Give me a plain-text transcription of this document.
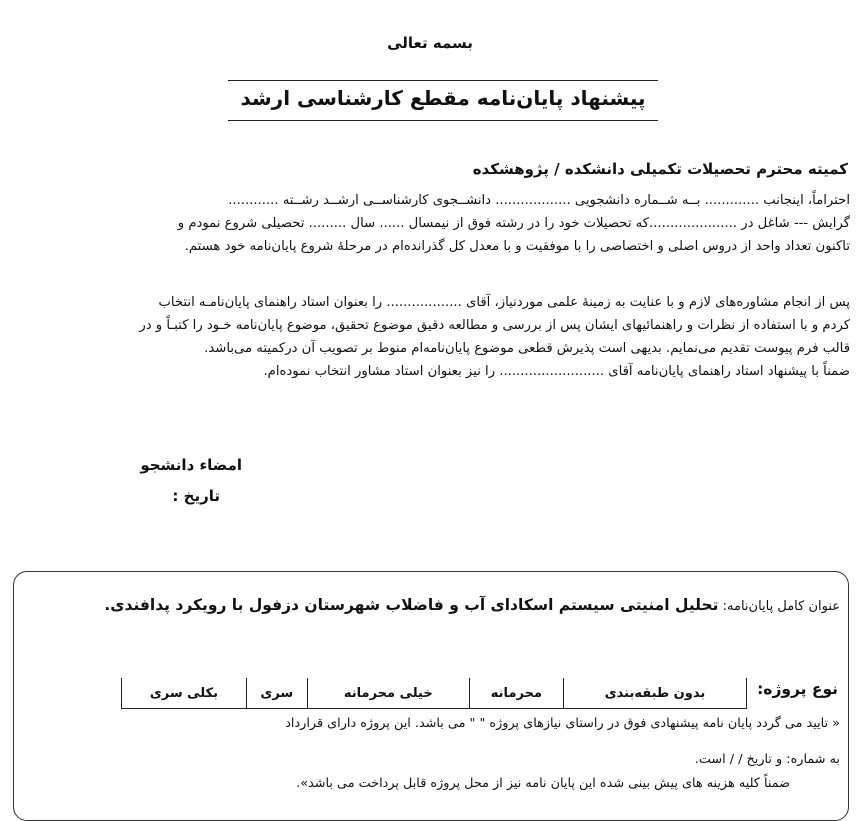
بسمه تعالی
پیشنهاد پایان‌نامه مقطع کارشناسی ارشد
کمیته محترم تحصیلات تکمیلی دانشکده / پژوهشکده
احتراماً، اینجانب ............. بــه شــماره دانشجویی .................. دانشــجوی کارشناســی ارشــد رشــته ............
گرایش --- شاغل در .....................كه تحصیلات خود را در رشته فوق از نیمسال ...... سال ......... تحصیلی شروع نمودم و
تاکنون تعداد واحد از دروس اصلی و اختصاصی را با موفقیت و با معدل كل گذرانده‌ام در مرحلهٔ شروع پایان‌نامه خود هستم.
پس از انجام مشاوره‌های لازم و با عنایت به زمینهٔ علمی موردنیاز، آقای .................. را بعنوان استاد راهنمای پایان‌نامـه انتخاب
كردم و با استفاده از نظرات و راهنمائیهای ایشان پس از بررسی و مطالعه دقیق موضوع تحقیق، موضوع پایان‌نامه خـود را كتبـاً و در
قالب فرم پیوست تقدیم می‌نمایم. بدیهی است پذیرش قطعی موضوع پایان‌نامه‌ام منوط بر تصویب آن دركمیته می‌باشد.
ضمناً با پیشنهاد استاد راهنمای پایان‌نامه آقای ......................... را نیز بعنوان استاد مشاور انتخاب نموده‌ام.
امضاء دانشجو
تاریخ :
عنوان كامل پایان‌نامه: تحلیل امنیتی سیستم اسکادای آب و فاضلاب شهرستان دزفول با رویکرد پدافندی.
نوع پروژه:
بدون طبقه‌بندی	محرمانه	خیلی محرمانه	سری	بكلی سری
« تایید می گردد پایان نامه پیشنهادی فوق در راستای نیازهای پروژه " " می باشد. این پروژه دارای قرارداد
به شماره: و تاریخ / / است.
ضمناً کلیه هزینه های پیش بینی شده این پایان نامه نیز از محل پروژه قابل پرداخت می باشد».
